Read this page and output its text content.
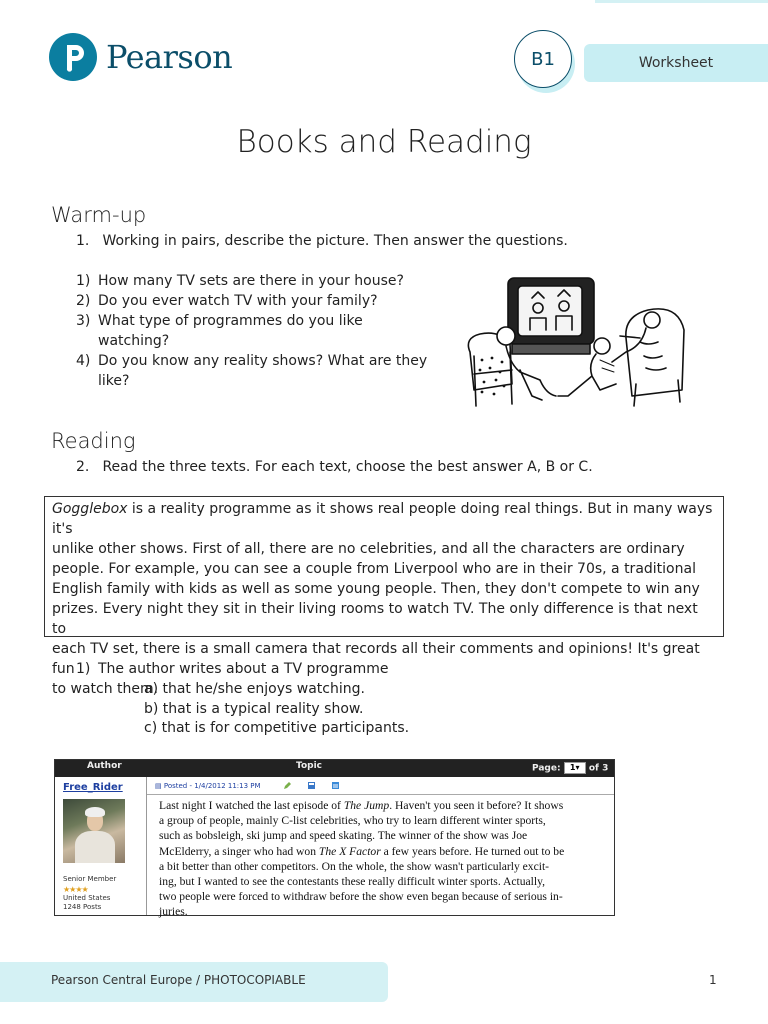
Pearson	B1	Worksheet
Books and Reading
Warm-up
1. Working in pairs, describe the picture. Then answer the questions.
1) How many TV sets are there in your house?
2) Do you ever watch TV with your family?
3) What type of programmes do you like
watching?
4) Do you know any reality shows? What are they
like?
Reading
2. Read the three texts. For each text, choose the best answer A, B or C.
Gogglebox is a reality programme as it shows real people doing real things. But in many ways it's
unlike other shows. First of all, there are no celebrities, and all the characters are ordinary
people. For example, you can see a couple from Liverpool who are in their 70s, a traditional
English family with kids as well as some young people. Then, they don't compete to win any
prizes. Every night they sit in their living rooms to watch TV. The only difference is that next to
each TV set, there is a small camera that records all their comments and opinions! It's great fun
to watch them.
1) The author writes about a TV programme
a) that he/she enjoys watching.
b) that is a typical reality show.
c) that is for competitive participants.
Author	Topic	Page: 1▾ of 3
Free_Rider
Senior Member
★★★★
United States
1248 Posts
▤ Posted - 1/4/2012 11:13 PM
Last night I watched the last episode of The Jump. Haven't you seen it before? It shows
a group of people, mainly C-list celebrities, who try to learn different winter sports,
such as bobsleigh, ski jump and speed skating. The winner of the show was Joe
McElderry, a singer who had won The X Factor a few years before. He turned out to be
a bit better than other competitors. On the whole, the show wasn't particularly excit-
ing, but I wanted to see the contestants these really difficult winter sports. Actually,
two people were forced to withdraw before the show even began because of serious in-
juries.
Pearson Central Europe / PHOTOCOPIABLE	1
